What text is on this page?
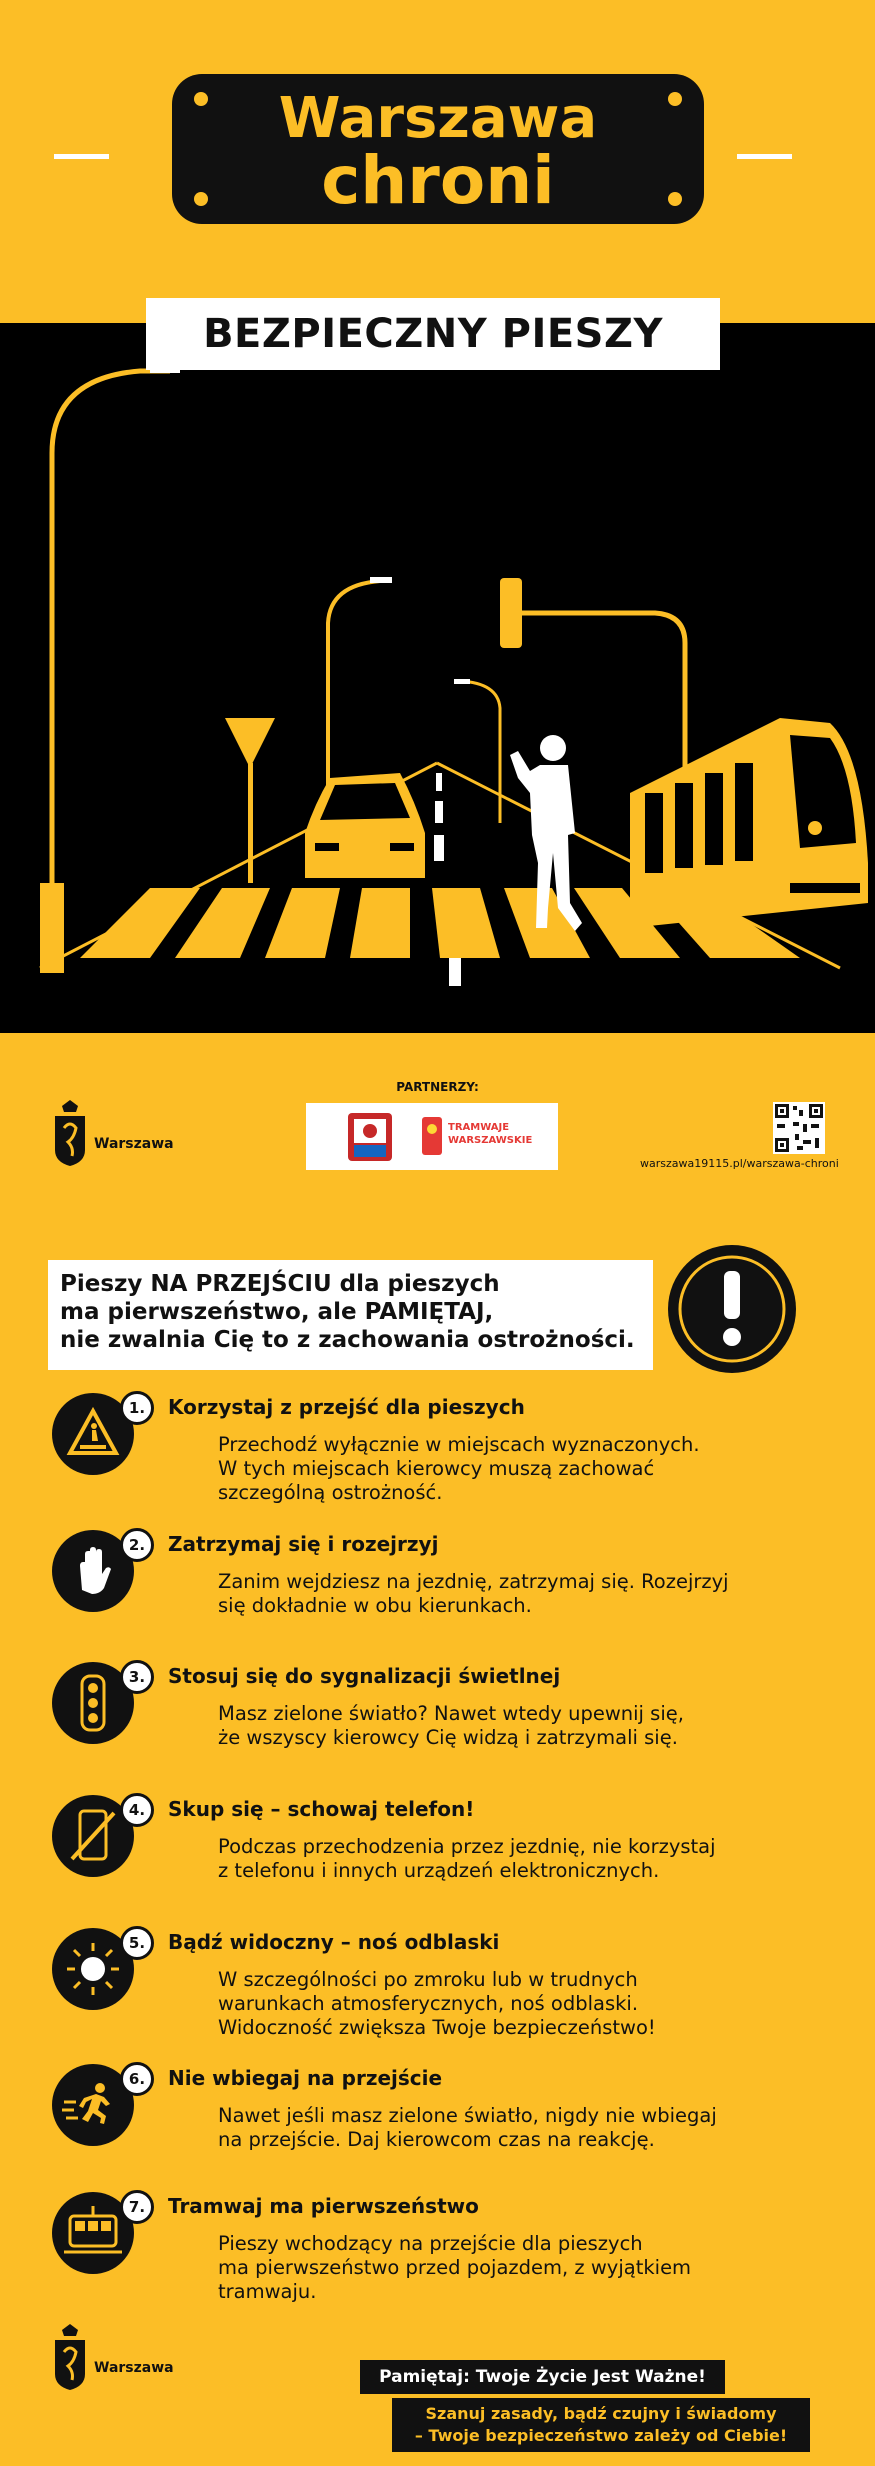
Warszawa
chroni
BEZPIECZNY PIESZY
PARTNERZY:
Warszawa
TRAMWAJE WARSZAWSKIE
warszawa19115.pl/warszawa-chroni

Pieszy NA PRZEJŚCIU dla pieszych

ma pierwszeństwo, ale PAMIĘTAJ,

nie zwalnia Cię to z zachowania ostrożności.

1.	Korzystaj z przejść dla pieszych
Przechodź wyłącznie w miejscach wyznaczonych.
W tych miejscach kierowcy muszą zachować
szczególną ostrożność.
2.	Zatrzymaj się i rozejrzyj
Zanim wejdziesz na jezdnię, zatrzymaj się. Rozejrzyj
się dokładnie w obu kierunkach.
3.	Stosuj się do sygnalizacji świetlnej
Masz zielone światło? Nawet wtedy upewnij się,
że wszyscy kierowcy Cię widzą i zatrzymali się.
4.	Skup się – schowaj telefon!
Podczas przechodzenia przez jezdnię, nie korzystaj
z telefonu i innych urządzeń elektronicznych.
5.	Bądź widoczny – noś odblaski
W szczególności po zmroku lub w trudnych
warunkach atmosferycznych, noś odblaski.
Widoczność zwiększa Twoje bezpieczeństwo!
6.	Nie wbiegaj na przejście
Nawet jeśli masz zielone światło, nigdy nie wbiegaj
na przejście. Daj kierowcom czas na reakcję.
7.	Tramwaj ma pierwszeństwo
Pieszy wchodzący na przejście dla pieszych
ma pierwszeństwo przed pojazdem, z wyjątkiem
tramwaju.
Warszawa	Pamiętaj: Twoje Życie Jest Ważne!
Szanuj zasady, bądź czujny i świadomy
– Twoje bezpieczeństwo zależy od Ciebie!
